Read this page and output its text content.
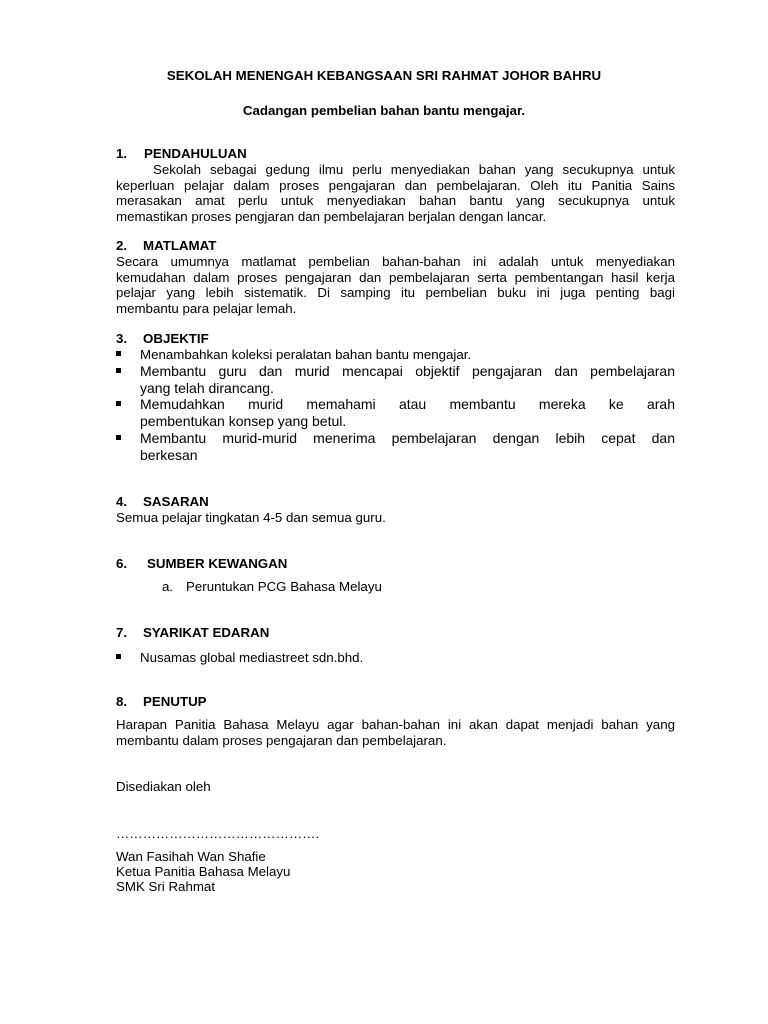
SEKOLAH MENENGAH KEBANGSAAN SRI RAHMAT JOHOR BAHRU
Cadangan pembelian bahan bantu mengajar.
1. PENDAHULUAN
Sekolah sebagai gedung ilmu perlu menyediakan bahan yang secukupnya untuk
keperluan pelajar dalam proses pengajaran dan pembelajaran. Oleh itu Panitia Sains
merasakan amat perlu untuk menyediakan bahan bantu yang secukupnya untuk
memastikan proses pengjaran dan pembelajaran berjalan dengan lancar.
2. MATLAMAT
Secara umumnya matlamat pembelian bahan-bahan ini adalah untuk menyediakan
kemudahan dalam proses pengajaran dan pembelajaran serta pembentangan hasil kerja
pelajar yang lebih sistematik. Di samping itu pembelian buku ini juga penting bagi
membantu para pelajar lemah.
3. OBJEKTIF
Menambahkan koleksi peralatan bahan bantu mengajar.
Membantu guru dan murid mencapai objektif pengajaran dan pembelajaran
yang telah dirancang.
Memudahkan murid memahami atau membantu mereka ke arah
pembentukan konsep yang betul.
Membantu murid-murid menerima pembelajaran dengan lebih cepat dan
berkesan
4. SASARAN
Semua pelajar tingkatan 4-5 dan semua guru.
6. SUMBER KEWANGAN
a. Peruntukan PCG Bahasa Melayu
7. SYARIKAT EDARAN
Nusamas global mediastreet sdn.bhd.
8. PENUTUP
Harapan Panitia Bahasa Melayu agar bahan-bahan ini akan dapat menjadi bahan yang
membantu dalam proses pengajaran dan pembelajaran.
Disediakan oleh
……………………………………….
Wan Fasihah Wan Shafie
Ketua Panitia Bahasa Melayu
SMK Sri Rahmat
